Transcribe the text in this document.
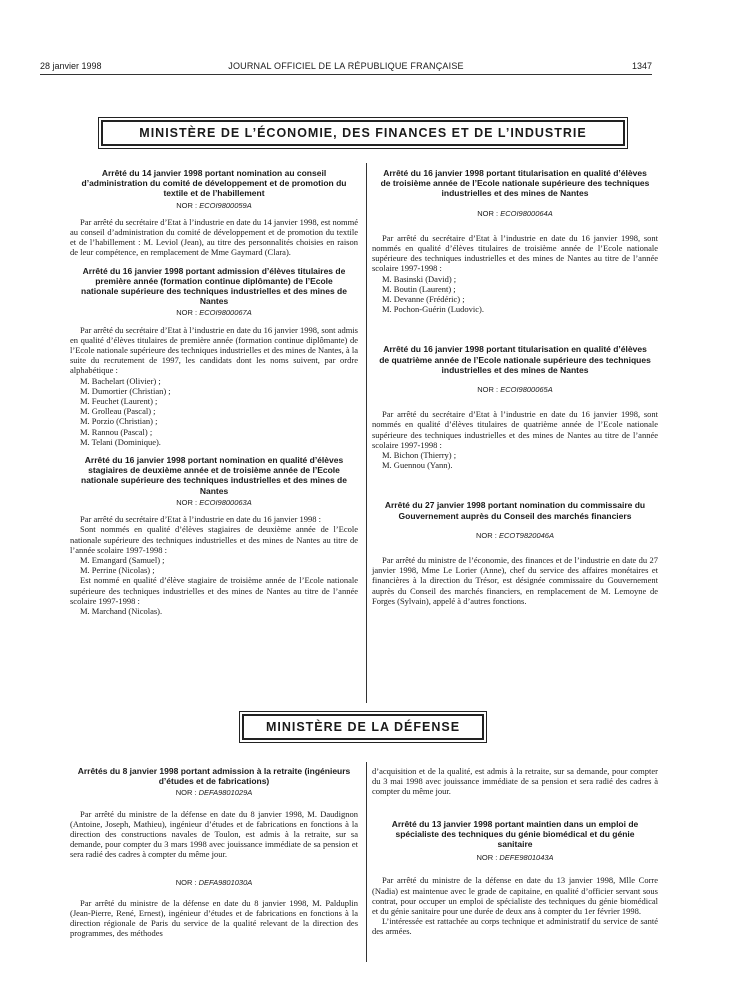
28 janvier 1998	JOURNAL OFFICIEL DE LA RÉPUBLIQUE FRANÇAISE	1347
MINISTÈRE DE L’ÉCONOMIE, DES FINANCES ET DE L’INDUSTRIE
Arrêté du 14 janvier 1998 portant nomination au conseil d’administration du comité de développement et de promotion du textile et de l’habillement
NOR : ECOI9800059A

Par arrêté du secrétaire d’Etat à l’industrie en date du 14 janvier 1998, est nommé au conseil d’administration du comité de développement et de promotion du textile et de l’habillement : M. Leviol (Jean), au titre des personnalités choisies en raison de leur compétence, en remplacement de Mme Gaymard (Clara).

Arrêté du 16 janvier 1998 portant admission d’élèves titulaires de première année (formation continue diplômante) de l’Ecole nationale supérieure des techniques industrielles et des mines de Nantes
NOR : ECOI9800067A

Par arrêté du secrétaire d’Etat à l’industrie en date du 16 janvier 1998, sont admis en qualité d’élèves titulaires de première année (formation continue diplômante) de l’Ecole nationale supérieure des techniques industrielles et des mines de Nantes, à la suite du recrutement de 1997, les candidats dont les noms suivent, par ordre alphabétique :

M. Bachelart (Olivier) ;
M. Dumortier (Christian) ;
M. Feuchet (Laurent) ;
M. Grolleau (Pascal) ;
M. Porzio (Christian) ;
M. Rannou (Pascal) ;
M. Telani (Dominique).
Arrêté du 16 janvier 1998 portant nomination en qualité d’élèves stagiaires de deuxième année et de troisième année de l’Ecole nationale supérieure des techniques industrielles et des mines de Nantes
NOR : ECOI9800063A

Par arrêté du secrétaire d’Etat à l’industrie en date du 16 janvier 1998 :

Sont nommés en qualité d’élèves stagiaires de deuxième année de l’Ecole nationale supérieure des techniques industrielles et des mines de Nantes au titre de l’année scolaire 1997-1998 :

M. Emangard (Samuel) ;
M. Perrine (Nicolas) ;

Est nommé en qualité d’élève stagiaire de troisième année de l’Ecole nationale supérieure des techniques industrielles et des mines de Nantes au titre de l’année scolaire 1997-1998 :

M. Marchand (Nicolas).
Arrêté du 16 janvier 1998 portant titularisation en qualité d’élèves de troisième année de l’Ecole nationale supérieure des techniques industrielles et des mines de Nantes
NOR : ECOI9800064A

Par arrêté du secrétaire d’Etat à l’industrie en date du 16 janvier 1998, sont nommés en qualité d’élèves titulaires de troisième année de l’Ecole nationale supérieure des techniques industrielles et des mines de Nantes au titre de l’année scolaire 1997-1998 :

M. Basinski (David) ;
M. Boutin (Laurent) ;
M. Devanne (Frédéric) ;
M. Pochon-Guérin (Ludovic).
Arrêté du 16 janvier 1998 portant titularisation en qualité d’élèves de quatrième année de l’Ecole nationale supérieure des techniques industrielles et des mines de Nantes
NOR : ECOI9800065A

Par arrêté du secrétaire d’Etat à l’industrie en date du 16 janvier 1998, sont nommés en qualité d’élèves titulaires de quatrième année de l’Ecole nationale supérieure des techniques industrielles et des mines de Nantes au titre de l’année scolaire 1997-1998 :

M. Bichon (Thierry) ;
M. Guennou (Yann).
Arrêté du 27 janvier 1998 portant nomination du commissaire du Gouvernement auprès du Conseil des marchés financiers
NOR : ECOT9820046A

Par arrêté du ministre de l’économie, des finances et de l’industrie en date du 27 janvier 1998, Mme Le Lorier (Anne), chef du service des affaires monétaires et financières à la direction du Trésor, est désignée commissaire du Gouvernement auprès du Conseil des marchés financiers, en remplacement de M. Lemoyne de Forges (Sylvain), appelé à d’autres fonctions.

MINISTÈRE DE LA DÉFENSE
Arrêtés du 8 janvier 1998 portant admission à la retraite (ingénieurs d’études et de fabrications)
NOR : DEFA9801029A

Par arrêté du ministre de la défense en date du 8 janvier 1998, M. Daudignon (Antoine, Joseph, Mathieu), ingénieur d’études et de fabrications en fonctions à la direction des constructions navales de Toulon, est admis à la retraite, sur sa demande, pour compter du 3 mars 1998 avec jouissance immédiate de sa pension et sera radié des cadres à compter du même jour.

NOR : DEFA9801030A

Par arrêté du ministre de la défense en date du 8 janvier 1998, M. Palduplin (Jean-Pierre, René, Ernest), ingénieur d’études et de fabrications en fonctions à la direction régionale de Paris du service de la qualité relevant de la direction des programmes, des méthodes

d’acquisition et de la qualité, est admis à la retraite, sur sa demande, pour compter du 3 mai 1998 avec jouissance immédiate de sa pension et sera radié des cadres à compter du même jour.

Arrêté du 13 janvier 1998 portant maintien dans un emploi de spécialiste des techniques du génie biomédical et du génie sanitaire
NOR : DEFE9801043A

Par arrêté du ministre de la défense en date du 13 janvier 1998, Mlle Corre (Nadia) est maintenue avec le grade de capitaine, en qualité d’officier servant sous contrat, pour occuper un emploi de spécialiste des techniques du génie biomédical et du génie sanitaire pour une durée de deux ans à compter du 1er février 1998.

L’intéressée est rattachée au corps technique et administratif du service de santé des armées.
